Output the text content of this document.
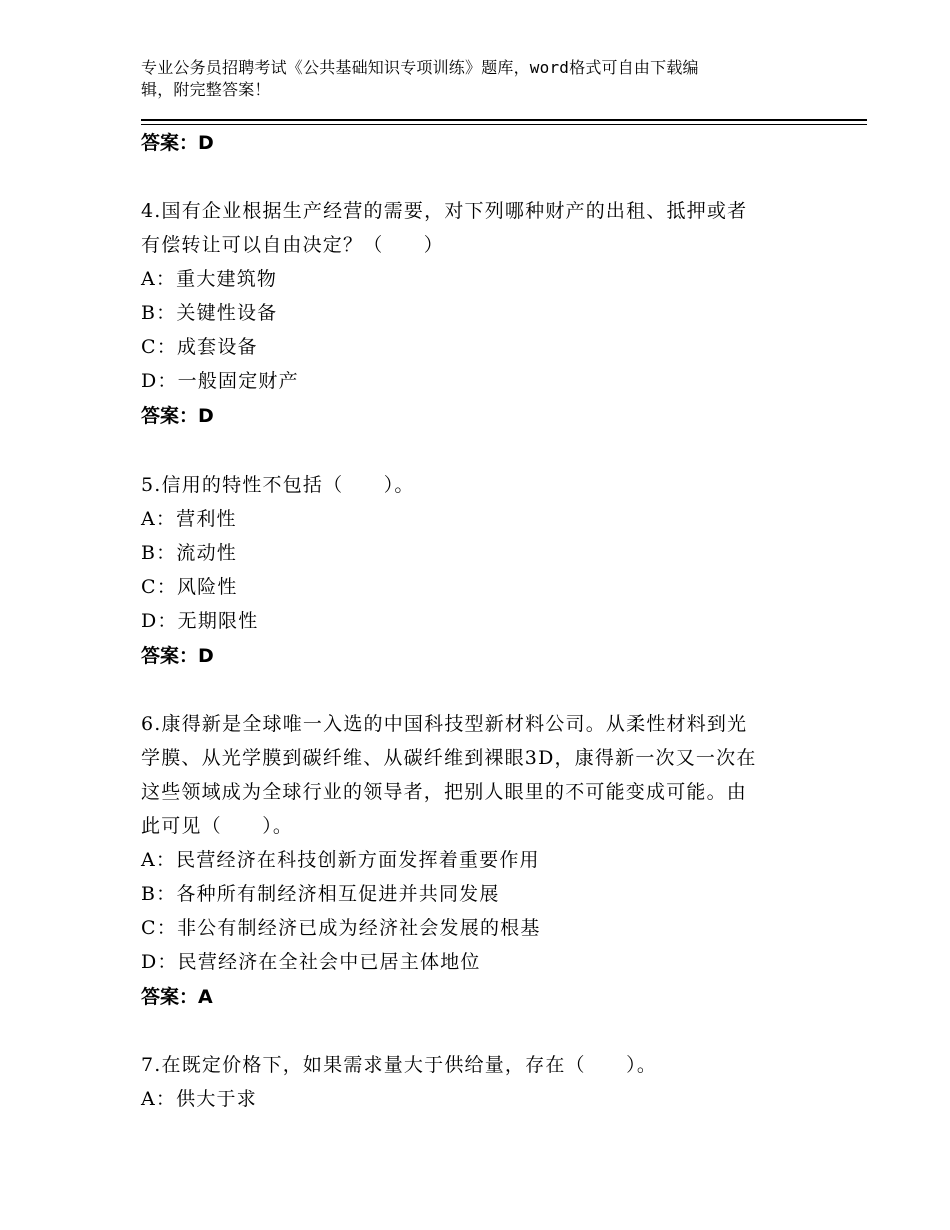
专业公务员招聘考试《公共基础知识专项训练》题库，word格式可自由下载编
辑，附完整答案！
答案：D
4.国有企业根据生产经营的需要，对下列哪种财产的出租、抵押或者
有偿转让可以自由决定？（　　）
A：重大建筑物
B：关键性设备
C：成套设备
D：一般固定财产
答案：D
5.信用的特性不包括（　　）。
A：营利性
B：流动性
C：风险性
D：无期限性
答案：D
6.康得新是全球唯一入选的中国科技型新材料公司。从柔性材料到光
学膜、从光学膜到碳纤维、从碳纤维到裸眼3D，康得新一次又一次在
这些领域成为全球行业的领导者，把别人眼里的不可能变成可能。由
此可见（　　）。
A：民营经济在科技创新方面发挥着重要作用
B：各种所有制经济相互促进并共同发展
C：非公有制经济已成为经济社会发展的根基
D：民营经济在全社会中已居主体地位
答案：A
7.在既定价格下，如果需求量大于供给量，存在（　　）。
A：供大于求
